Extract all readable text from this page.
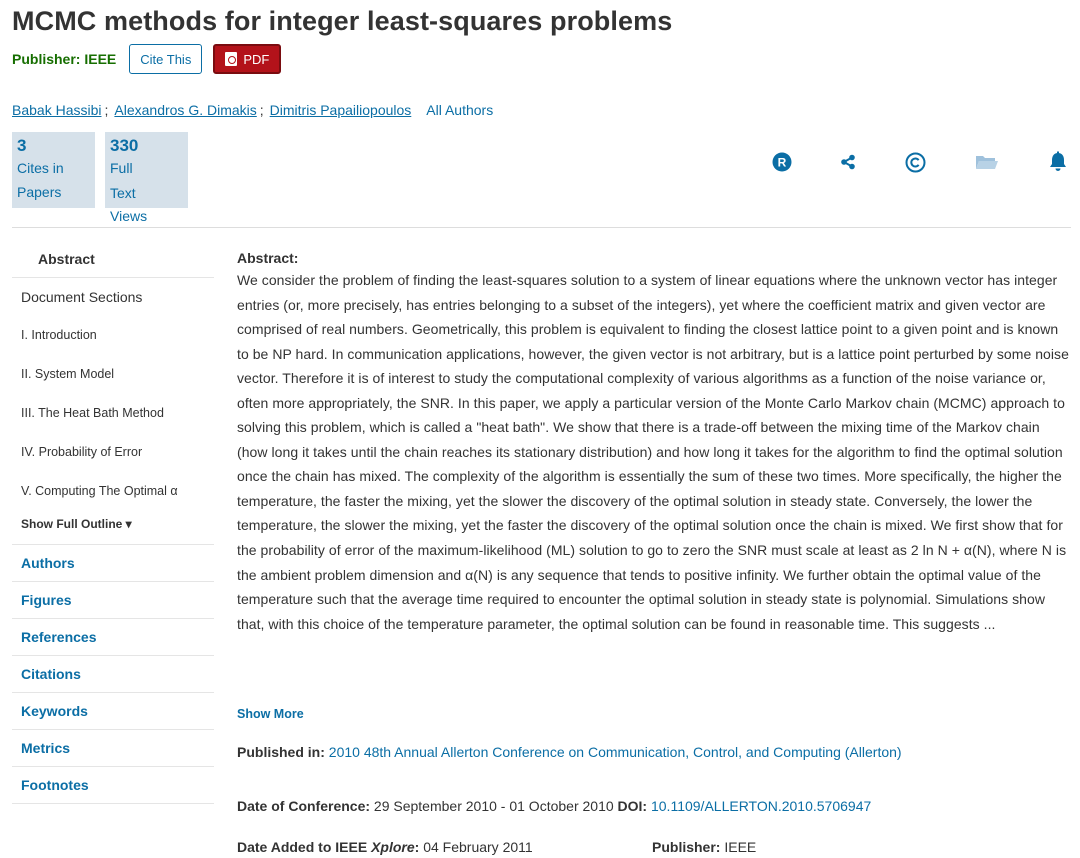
MCMC methods for integer least-squares problems
Publisher: IEEE	Cite This	PDF
Babak Hassibi ; Alexandros G. Dimakis ; Dimitris Papailiopoulos All Authors
3
Cites in
Papers
330
Full
Text
Views
R
Abstract
Document Sections
I. Introduction
II. System Model
III. The Heat Bath Method
IV. Probability of Error
V. Computing The Optimal α
Show Full Outline ▾
Authors
Figures
References
Citations
Keywords
Metrics
Footnotes
Abstract:
We consider the problem of finding the least-squares solution to a system of linear equations where the unknown vector has integer entries (or, more precisely, has entries belonging to a subset of the integers), yet where the coefficient matrix and given vector are comprised of real numbers. Geometrically, this problem is equivalent to finding the closest lattice point to a given point and is known to be NP hard. In communication applications, however, the given vector is not arbitrary, but is a lattice point perturbed by some noise vector. Therefore it is of interest to study the computational complexity of various algorithms as a function of the noise variance or, often more appropriately, the SNR. In this paper, we apply a particular version of the Monte Carlo Markov chain (MCMC) approach to solving this problem, which is called a "heat bath". We show that there is a trade-off between the mixing time of the Markov chain (how long it takes until the chain reaches its stationary distribution) and how long it takes for the algorithm to find the optimal solution once the chain has mixed. The complexity of the algorithm is essentially the sum of these two times. More specifically, the higher the temperature, the faster the mixing, yet the slower the discovery of the optimal solution in steady state. Conversely, the lower the temperature, the slower the mixing, yet the faster the discovery of the optimal solution once the chain is mixed. We first show that for the probability of error of the maximum-likelihood (ML) solution to go to zero the SNR must scale at least as 2 ln N + α(N), where N is the ambient problem dimension and α(N) is any sequence that tends to positive infinity. We further obtain the optimal value of the temperature such that the average time required to encounter the optimal solution in steady state is polynomial. Simulations show that, with this choice of the temperature parameter, the optimal solution can be found in reasonable time. This suggests ...
Show More
Published in: 2010 48th Annual Allerton Conference on Communication, Control, and Computing (Allerton)
Date of Conference: 29 September 2010 - 01 October 2010 DOI: 10.1109/ALLERTON.2010.5706947
Date Added to IEEE Xplore: 04 February 2011	Publisher: IEEE
